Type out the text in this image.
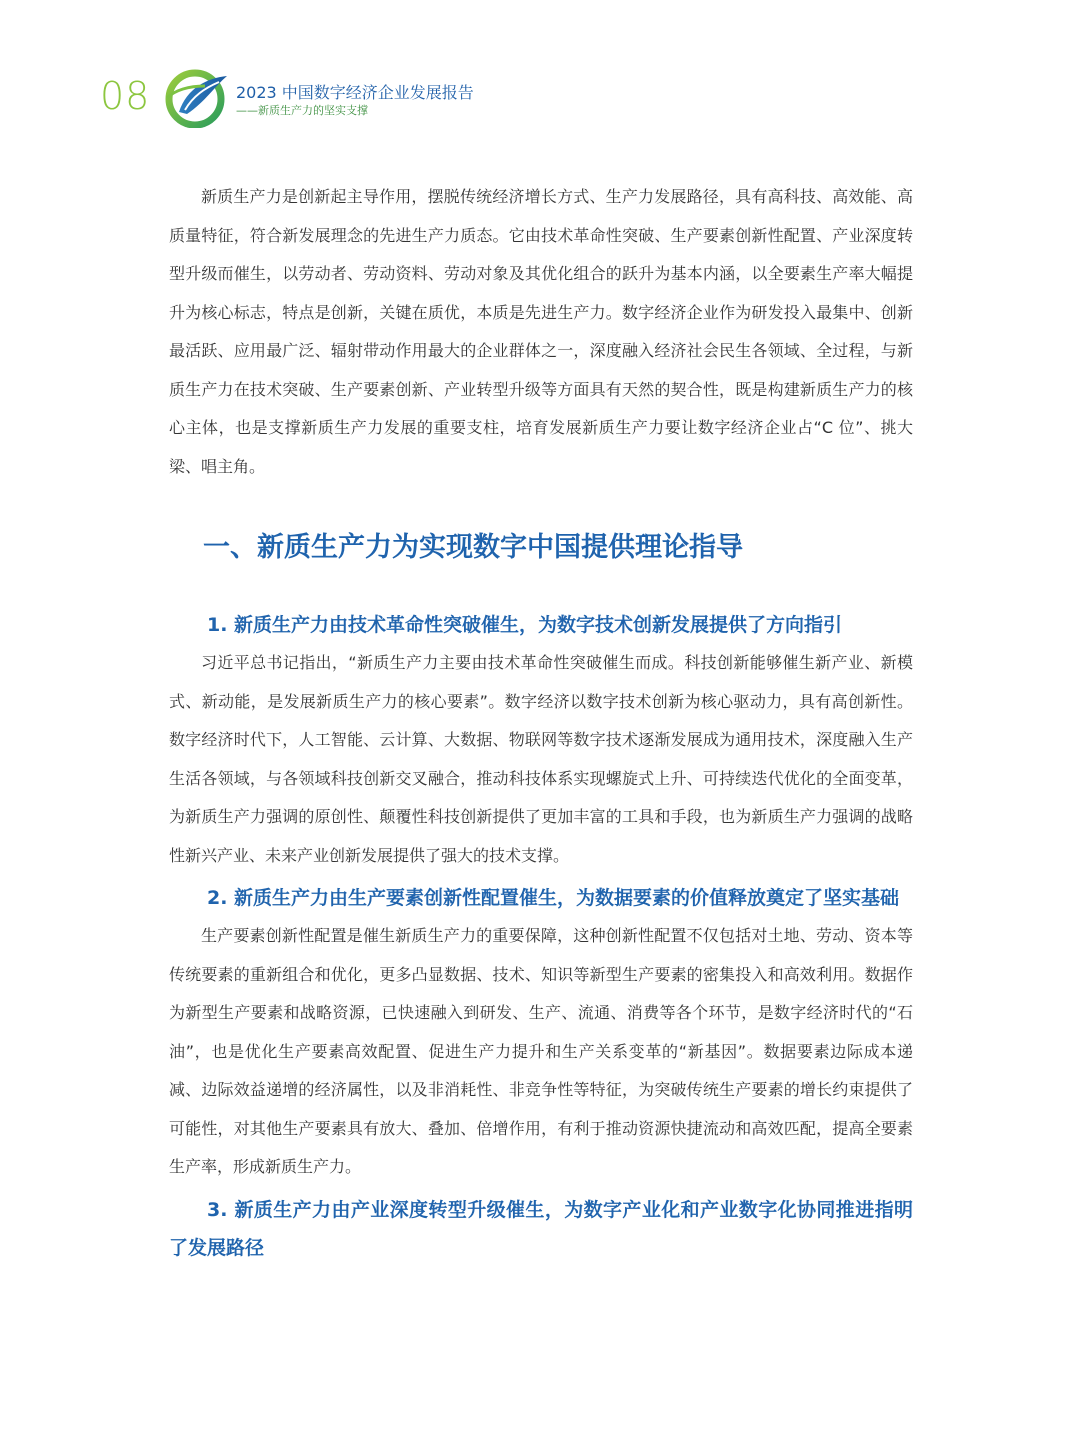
08	2023 中国数字经济企业发展报告
——新质生产力的坚实支撑

新质生产力是创新起主导作用，摆脱传统经济增长方式、生产力发展路径，具有高科技、高效能、高质量特征，符合新发展理念的先进生产力质态。它由技术革命性突破、生产要素创新性配置、产业深度转型升级而催生，以劳动者、劳动资料、劳动对象及其优化组合的跃升为基本内涵，以全要素生产率大幅提升为核心标志，特点是创新，关键在质优，本质是先进生产力。数字经济企业作为研发投入最集中、创新最活跃、应用最广泛、辐射带动作用最大的企业群体之一，深度融入经济社会民生各领域、全过程，与新质生产力在技术突破、生产要素创新、产业转型升级等方面具有天然的契合性，既是构建新质生产力的核心主体，也是支撑新质生产力发展的重要支柱，培育发展新质生产力要让数字经济企业占“C 位”、挑大梁、唱主角。

一、新质生产力为实现数字中国提供理论指导
1. 新质生产力由技术革命性突破催生，为数字技术创新发展提供了方向指引

习近平总书记指出，“新质生产力主要由技术革命性突破催生而成。科技创新能够催生新产业、新模式、新动能，是发展新质生产力的核心要素”。数字经济以数字技术创新为核心驱动力，具有高创新性。数字经济时代下，人工智能、云计算、大数据、物联网等数字技术逐渐发展成为通用技术，深度融入生产生活各领域，与各领域科技创新交叉融合，推动科技体系实现螺旋式上升、可持续迭代优化的全面变革，为新质生产力强调的原创性、颠覆性科技创新提供了更加丰富的工具和手段，也为新质生产力强调的战略性新兴产业、未来产业创新发展提供了强大的技术支撑。

2. 新质生产力由生产要素创新性配置催生，为数据要素的价值释放奠定了坚实基础

生产要素创新性配置是催生新质生产力的重要保障，这种创新性配置不仅包括对土地、劳动、资本等传统要素的重新组合和优化，更多凸显数据、技术、知识等新型生产要素的密集投入和高效利用。数据作为新型生产要素和战略资源，已快速融入到研发、生产、流通、消费等各个环节，是数字经济时代的“石油”，也是优化生产要素高效配置、促进生产力提升和生产关系变革的“新基因”。数据要素边际成本递减、边际效益递增的经济属性，以及非消耗性、非竞争性等特征，为突破传统生产要素的增长约束提供了可能性，对其他生产要素具有放大、叠加、倍增作用，有利于推动资源快捷流动和高效匹配，提高全要素生产率，形成新质生产力。

3. 新质生产力由产业深度转型升级催生，为数字产业化和产业数字化协同推进指明了发展路径
